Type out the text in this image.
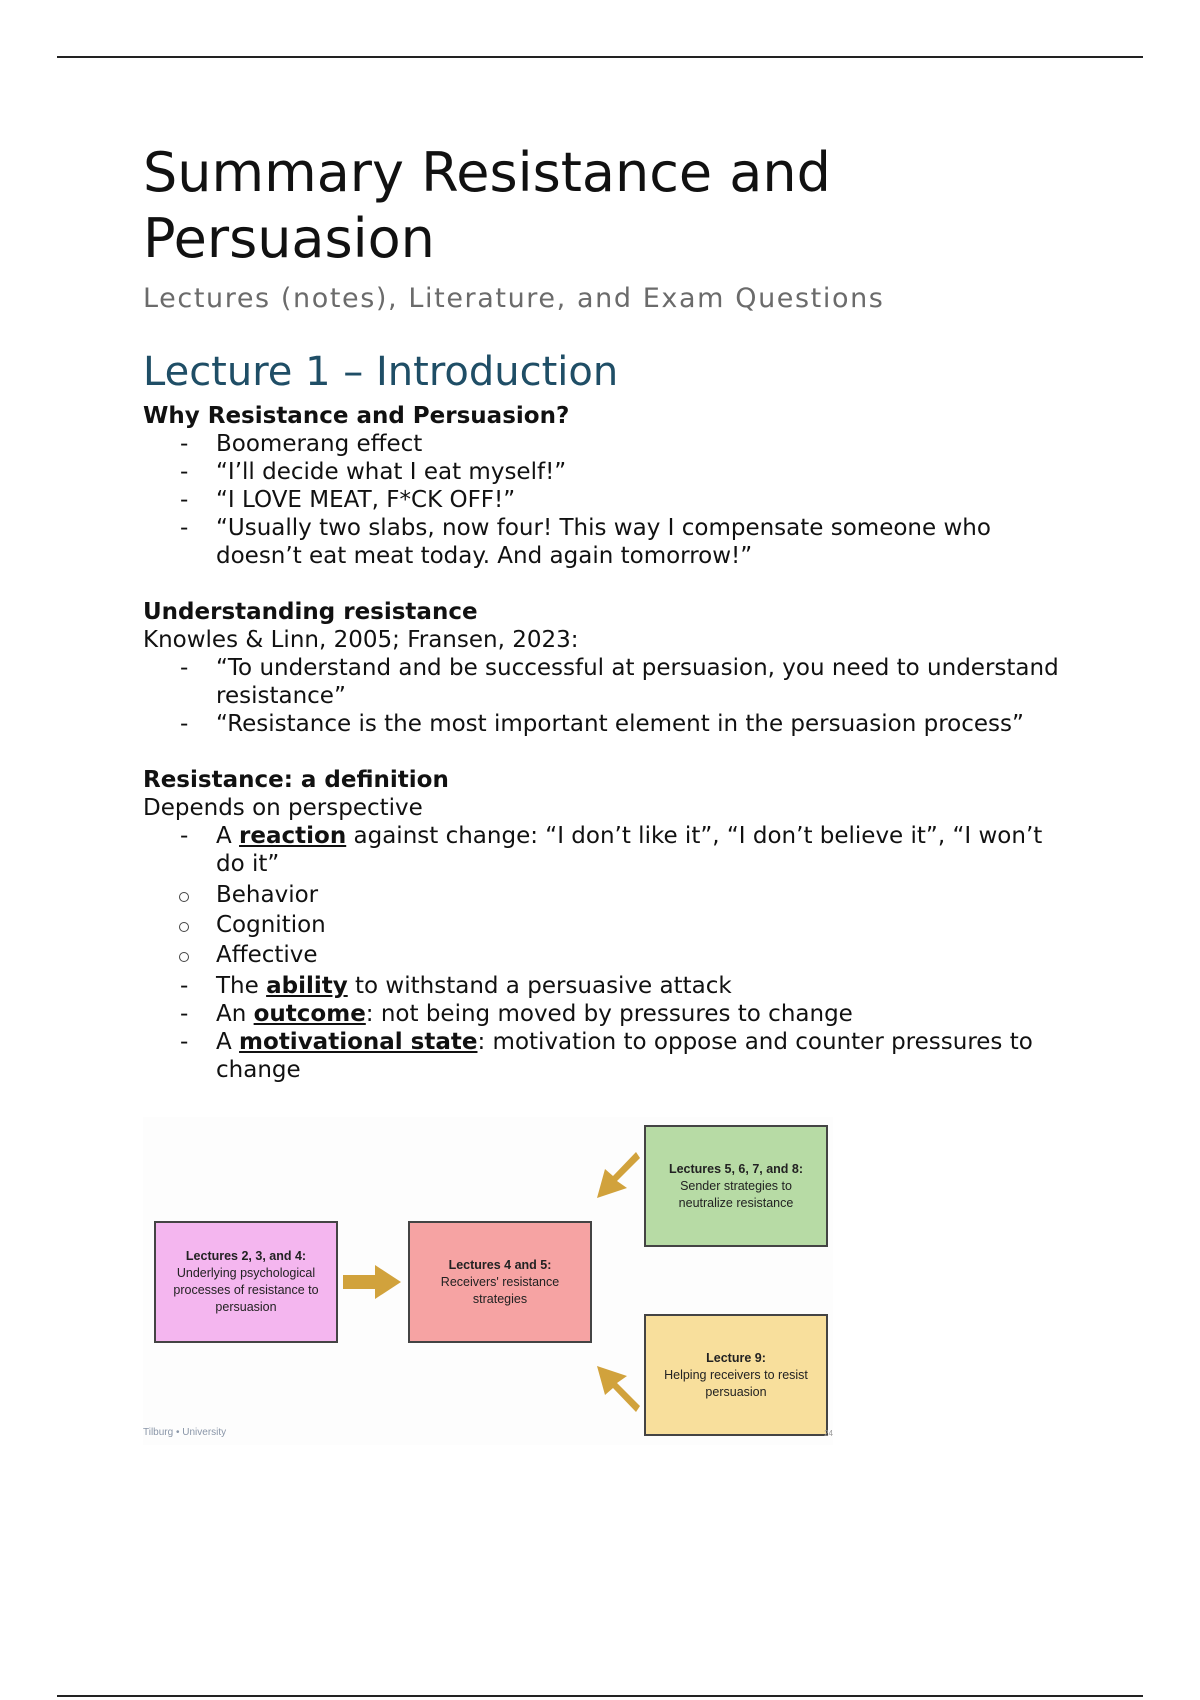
Summary Resistance and
Persuasion
Lectures (notes), Literature, and Exam Questions
Lecture 1 – Introduction
Why Resistance and Persuasion?
- Boomerang effect
- “I’ll decide what I eat myself!”
- “I LOVE MEAT, F*CK OFF!”
- “Usually two slabs, now four! This way I compensate someone who doesn’t eat meat today. And again tomorrow!”
Understanding resistance
Knowles & Linn, 2005; Fransen, 2023:
- “To understand and be successful at persuasion, you need to understand resistance”
- “Resistance is the most important element in the persuasion process”
Resistance: a definition
Depends on perspective
- A reaction against change: “I don’t like it”, “I don’t believe it”, “I won’t do it”
Behavior
Cognition
Affective
- The ability to withstand a persuasive attack
- An outcome: not being moved by pressures to change
- A motivational state: motivation to oppose and counter pressures to change
Lectures 2, 3, and 4:
Underlying psychological processes of resistance to persuasion
Lectures 4 and 5:
Receivers' resistance strategies
Lectures 5, 6, 7, and 8:
Sender strategies to neutralize resistance
Lecture 9:
Helping receivers to resist persuasion
Tilburg • University	24
